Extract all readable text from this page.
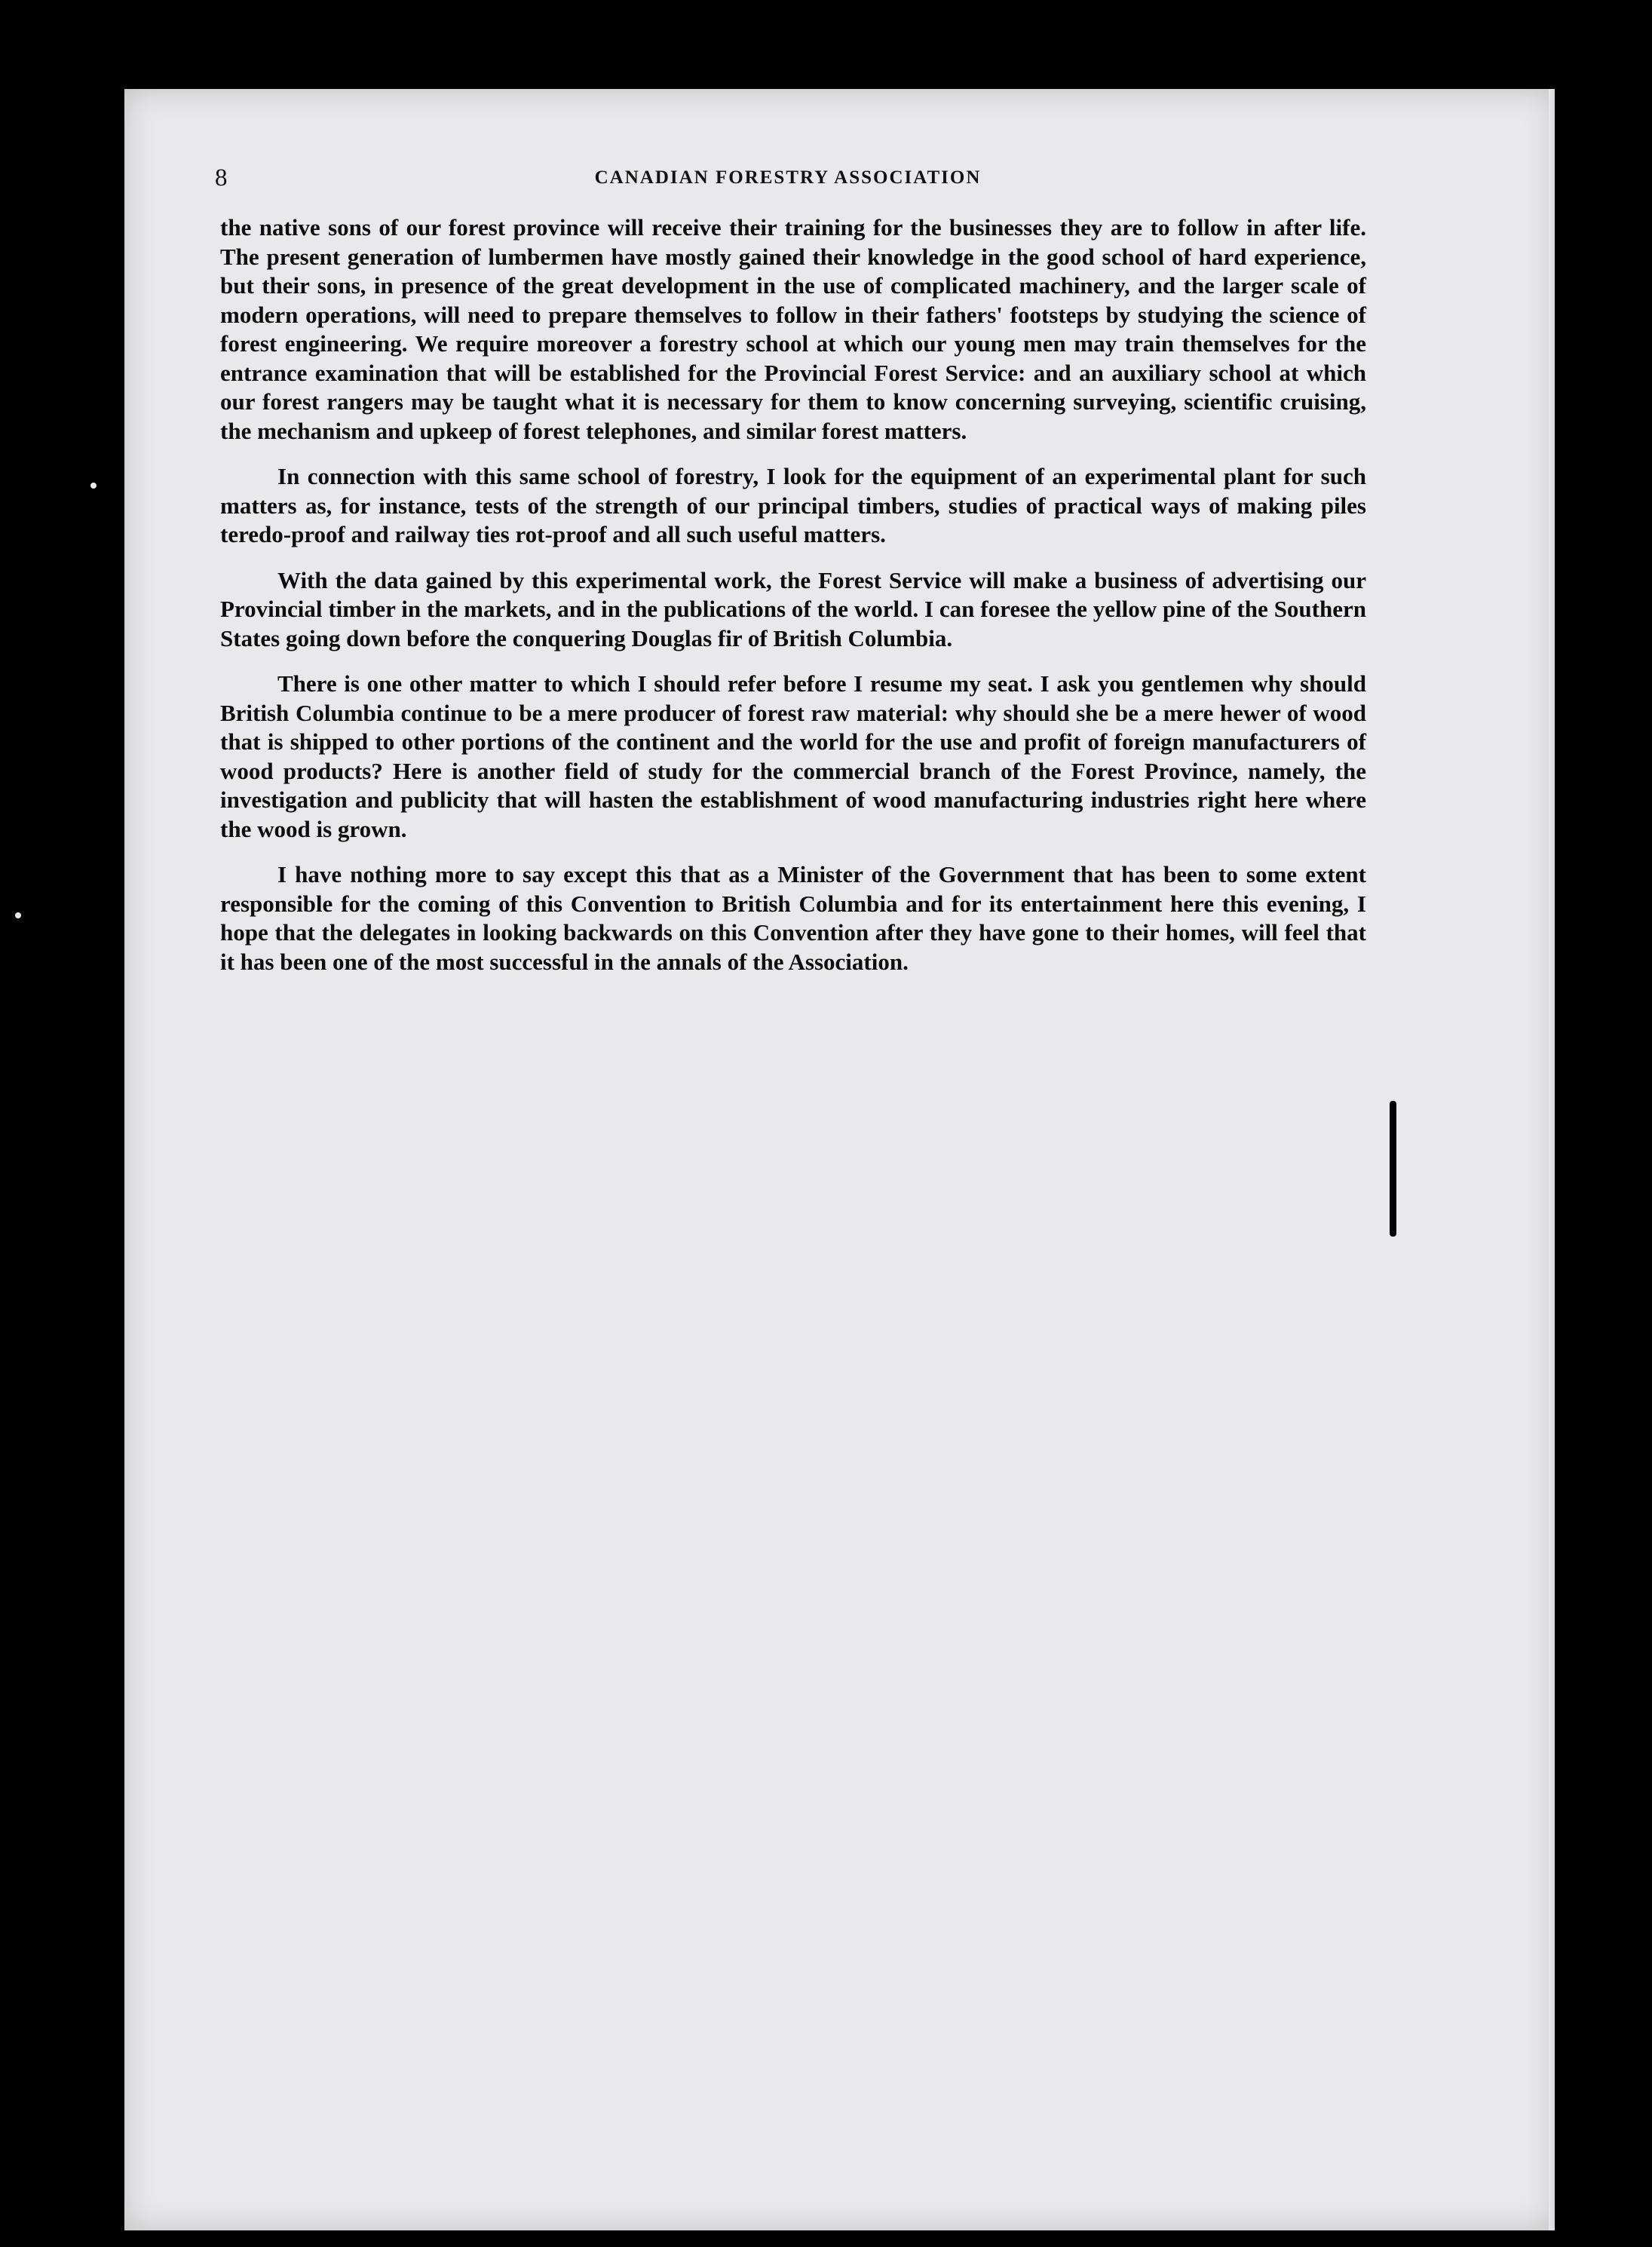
8	CANADIAN FORESTRY ASSOCIATION

the native sons of our forest province will receive their training for the businesses they are to follow in after life. The present generation of lumbermen have mostly gained their knowledge in the good school of hard experience, but their sons, in presence of the great development in the use of complicated machinery, and the larger scale of modern operations, will need to prepare themselves to follow in their fathers' footsteps by studying the science of forest engineering. We require moreover a forestry school at which our young men may train themselves for the entrance examination that will be established for the Provincial Forest Service: and an auxiliary school at which our forest rangers may be taught what it is necessary for them to know concerning surveying, scientific cruising, the mechanism and upkeep of forest telephones, and similar forest matters.

In connection with this same school of forestry, I look for the equipment of an experimental plant for such matters as, for instance, tests of the strength of our principal timbers, studies of practical ways of making piles teredo-proof and railway ties rot-proof and all such useful matters.

With the data gained by this experimental work, the Forest Service will make a business of advertising our Provincial timber in the markets, and in the publications of the world. I can foresee the yellow pine of the Southern States going down before the conquering Douglas fir of British Columbia.

There is one other matter to which I should refer before I resume my seat. I ask you gentlemen why should British Columbia continue to be a mere producer of forest raw material: why should she be a mere hewer of wood that is shipped to other portions of the continent and the world for the use and profit of foreign manufacturers of wood products? Here is another field of study for the commercial branch of the Forest Province, namely, the investigation and publicity that will hasten the establishment of wood manufacturing industries right here where the wood is grown.

I have nothing more to say except this that as a Minister of the Government that has been to some extent responsible for the coming of this Convention to British Columbia and for its entertainment here this evening, I hope that the delegates in looking backwards on this Convention after they have gone to their homes, will feel that it has been one of the most successful in the annals of the Association.
